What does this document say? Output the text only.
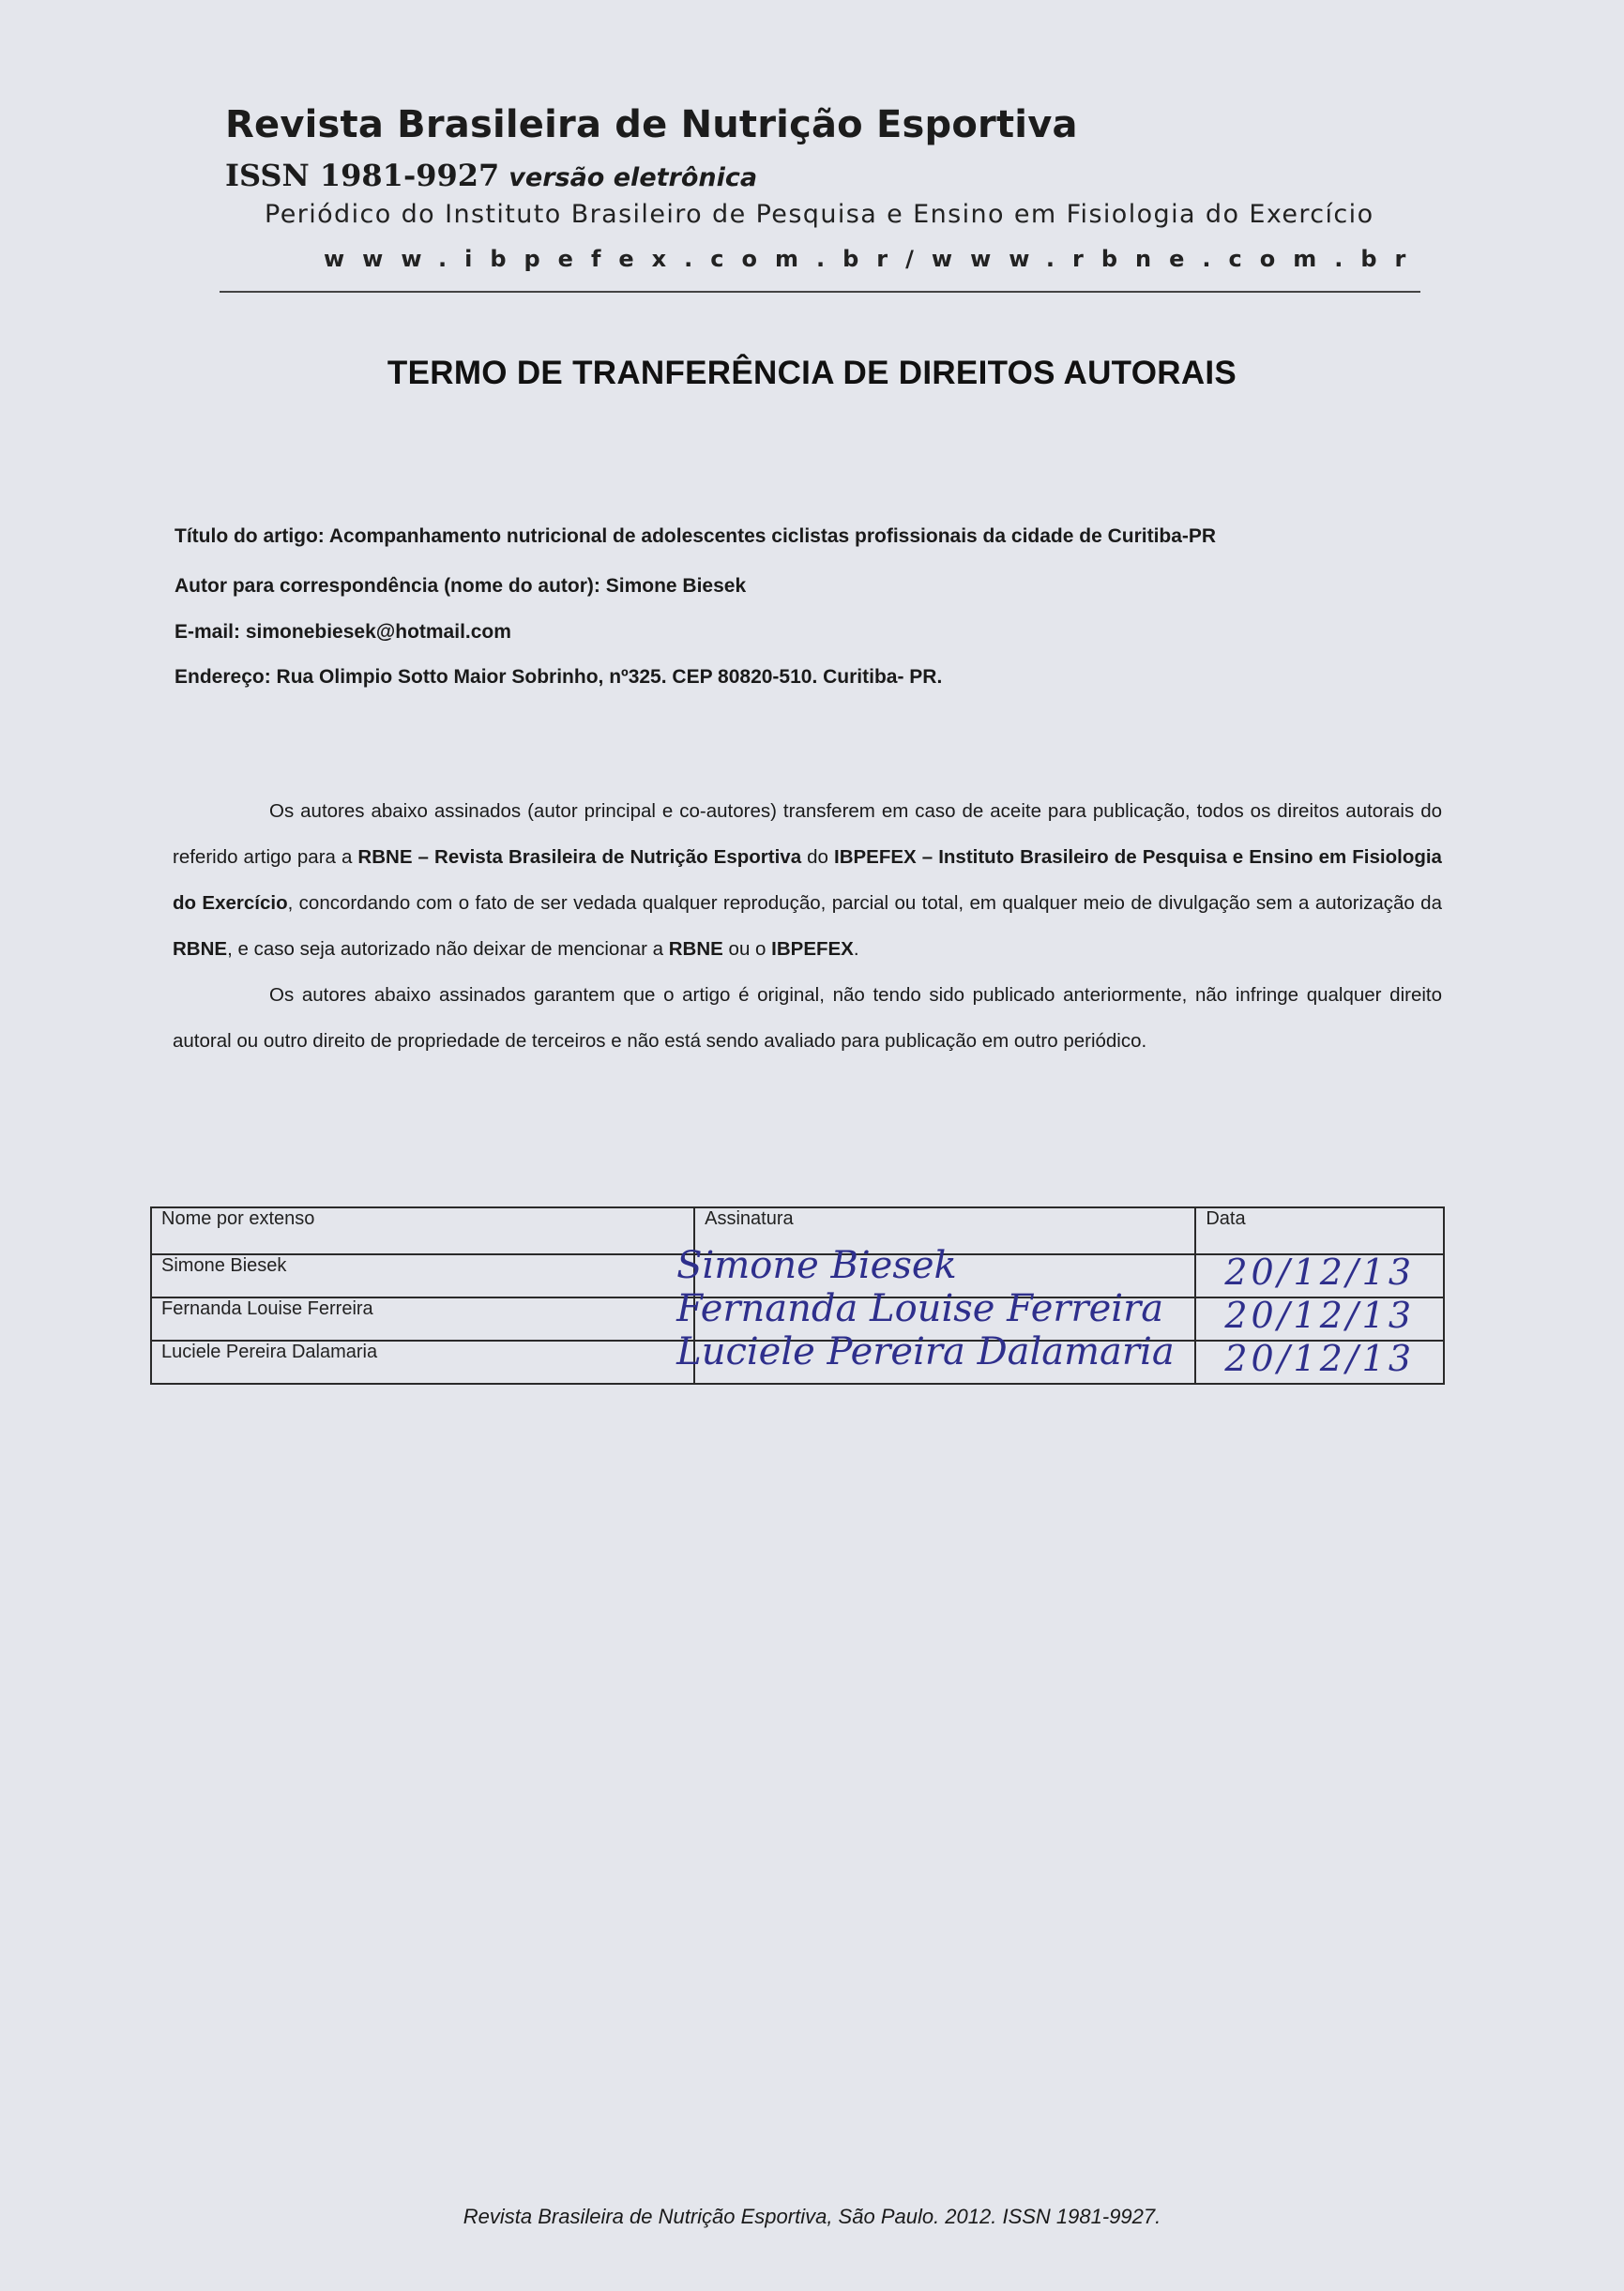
Revista Brasileira de Nutrição Esportiva
ISSN 1981-9927 versão eletrônica
Periódico do Instituto Brasileiro de Pesquisa e Ensino em Fisiologia do Exercício
www.ibpefex.com.br/www.rbne.com.br
TERMO DE TRANFERÊNCIA DE DIREITOS AUTORAIS
Título do artigo: Acompanhamento nutricional de adolescentes ciclistas profissionais da cidade de Curitiba-PR
Autor para correspondência (nome do autor): Simone Biesek
E-mail: simonebiesek@hotmail.com
Endereço: Rua Olimpio Sotto Maior Sobrinho, nº325. CEP 80820-510. Curitiba- PR.

Os autores abaixo assinados (autor principal e co-autores) transferem em caso de aceite para publicação, todos os direitos autorais do referido artigo para a RBNE – Revista Brasileira de Nutrição Esportiva do IBPEFEX – Instituto Brasileiro de Pesquisa e Ensino em Fisiologia do Exercício, concordando com o fato de ser vedada qualquer reprodução, parcial ou total, em qualquer meio de divulgação sem a autorização da RBNE, e caso seja autorizado não deixar de mencionar a RBNE ou o IBPEFEX.

Os autores abaixo assinados garantem que o artigo é original, não tendo sido publicado anteriormente, não infringe qualquer direito autoral ou outro direito de propriedade de terceiros e não está sendo avaliado para publicação em outro periódico.

Nome por extenso	Assinatura	Data
Simone Biesek	Simone Biesek	20/12/13

Fernanda Louise Ferreira	Fernanda Louise Ferreira	20/12/13

Luciele Pereira Dalamaria	Luciele Pereira Dalamaria	20/12/13
Revista Brasileira de Nutrição Esportiva, São Paulo. 2012. ISSN 1981-9927.
